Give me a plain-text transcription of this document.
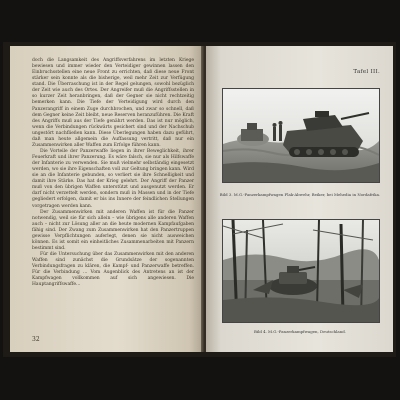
doch die Langsamkeit des Angriffsverfahrens im letzten Kriege bewiesen und immer wieder den Verteidiger gewinnen lassen den Einbruchsstellen eine neue Front zu errichten, daß diese neue Front stärker sein konnte als die bisherige, weil mehr Zeit zur Verfügung stand. Die Überraschung ist in der Regel gelungen, sowohl bezüglich der Zeit wie auch des Ortes. Der Angreifer muß die Angriffsstellen in so kurzer Zeit heranbringen, daß der Gegner sie nicht rechtzeitig bemerken kann. Die Tiefe der Verteidigung wird durch den Panzerangriff in einem Zuge durchbrochen, und zwar so schnell, daß dem Gegner keine Zeit bleibt, neue Reserven heranzuführen. Die Kraft des Angriffs muß aus der Tiefe genährt werden. Das ist nur möglich, wenn die Verbindungen rückwärts gesichert sind und der Nachschub ungestört nachfließen kann. Diese Überlegungen haben dazu geführt, daß man heute allgemein die Auffassung vertritt, daß nur ein Zusammenwirken aller Waffen zum Erfolge führen kann.

Die Vorteile der Panzerwaffe liegen in ihrer Beweglichkeit, ihrer Feuerkraft und ihrer Panzerung. Es wäre falsch, sie nur als Hilfswaffe der Infanterie zu verwenden. Sie muß vielmehr selbständig eingesetzt werden, wo sie ihre Eigenschaften voll zur Geltung bringen kann. Wird sie an die Infanterie gebunden, so verliert sie ihre Schnelligkeit und damit ihre Stärke. Das hat der Krieg gelehrt. Der Angriff der Panzer muß von den übrigen Waffen unterstützt und ausgenutzt werden. Er darf nicht verzettelt werden, sondern muß in Massen und in der Tiefe gegliedert erfolgen, damit er bis ins Innere der feindlichen Stellungen vorgetragen werden kann.

Der Zusammenwirken mit anderen Waffen ist für die Panzer notwendig, weil sie für sich allein – wie übrigens alle anderen Waffen auch – nicht zur Lösung aller an die heute modernen Kampfaufgaben fähig sind. Der Zwang zum Zusammenwirken hat den Panzertruppen gewisse Verpflichtungen auferlegt, denen sie nicht ausweichen können. Es ist somit ein einheitliches Zusammenarbeiten mit Panzern bestimmt sind.

Für die Untersuchung über das Zusammenwirken mit den anderen Waffen sind zunächst die Grundsätze der sogenannten Verbindungsfragen zu klären, die Kampf- und Panzerwaffe betreffen. Für die Verbindung ... Vom Augenblick des Antretens an ist der Kampfwagen vollkommen auf sich angewiesen. Die Hauptangriffswaffe...

32
Tafel III.
Bild 3. M.G.-Panzerkampfwagen Flak-Abwehr, Beiker, bei Mehedia in Nordafrika.
Bild 4. M.G.-Panzerkampfwagen, Deutschland.
